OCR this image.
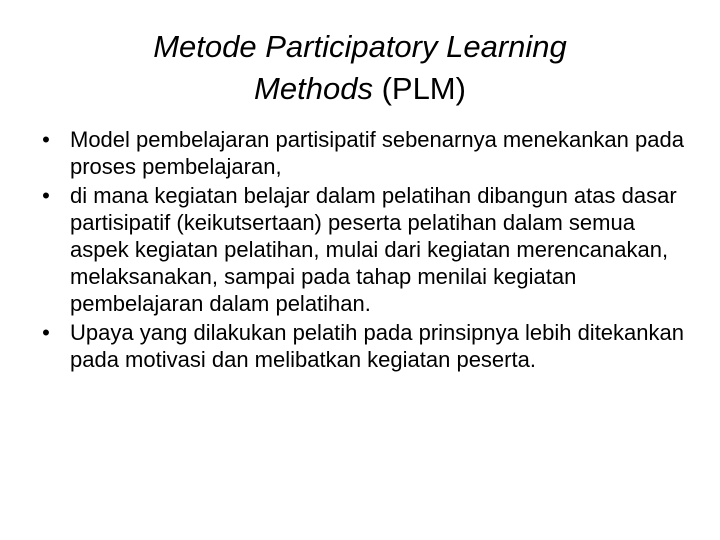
Metode Participatory Learning
Methods (PLM)
• Model pembelajaran partisipatif sebenarnya menekankan pada proses pembelajaran,
• di mana kegiatan belajar dalam pelatihan dibangun atas dasar partisipatif (keikutsertaan) peserta pelatihan dalam semua aspek kegiatan pelatihan, mulai dari kegiatan merencanakan, melaksanakan, sampai pada tahap menilai kegiatan pembelajaran dalam pelatihan.
• Upaya yang dilakukan pelatih pada prinsipnya lebih ditekankan pada motivasi dan melibatkan kegiatan peserta.
